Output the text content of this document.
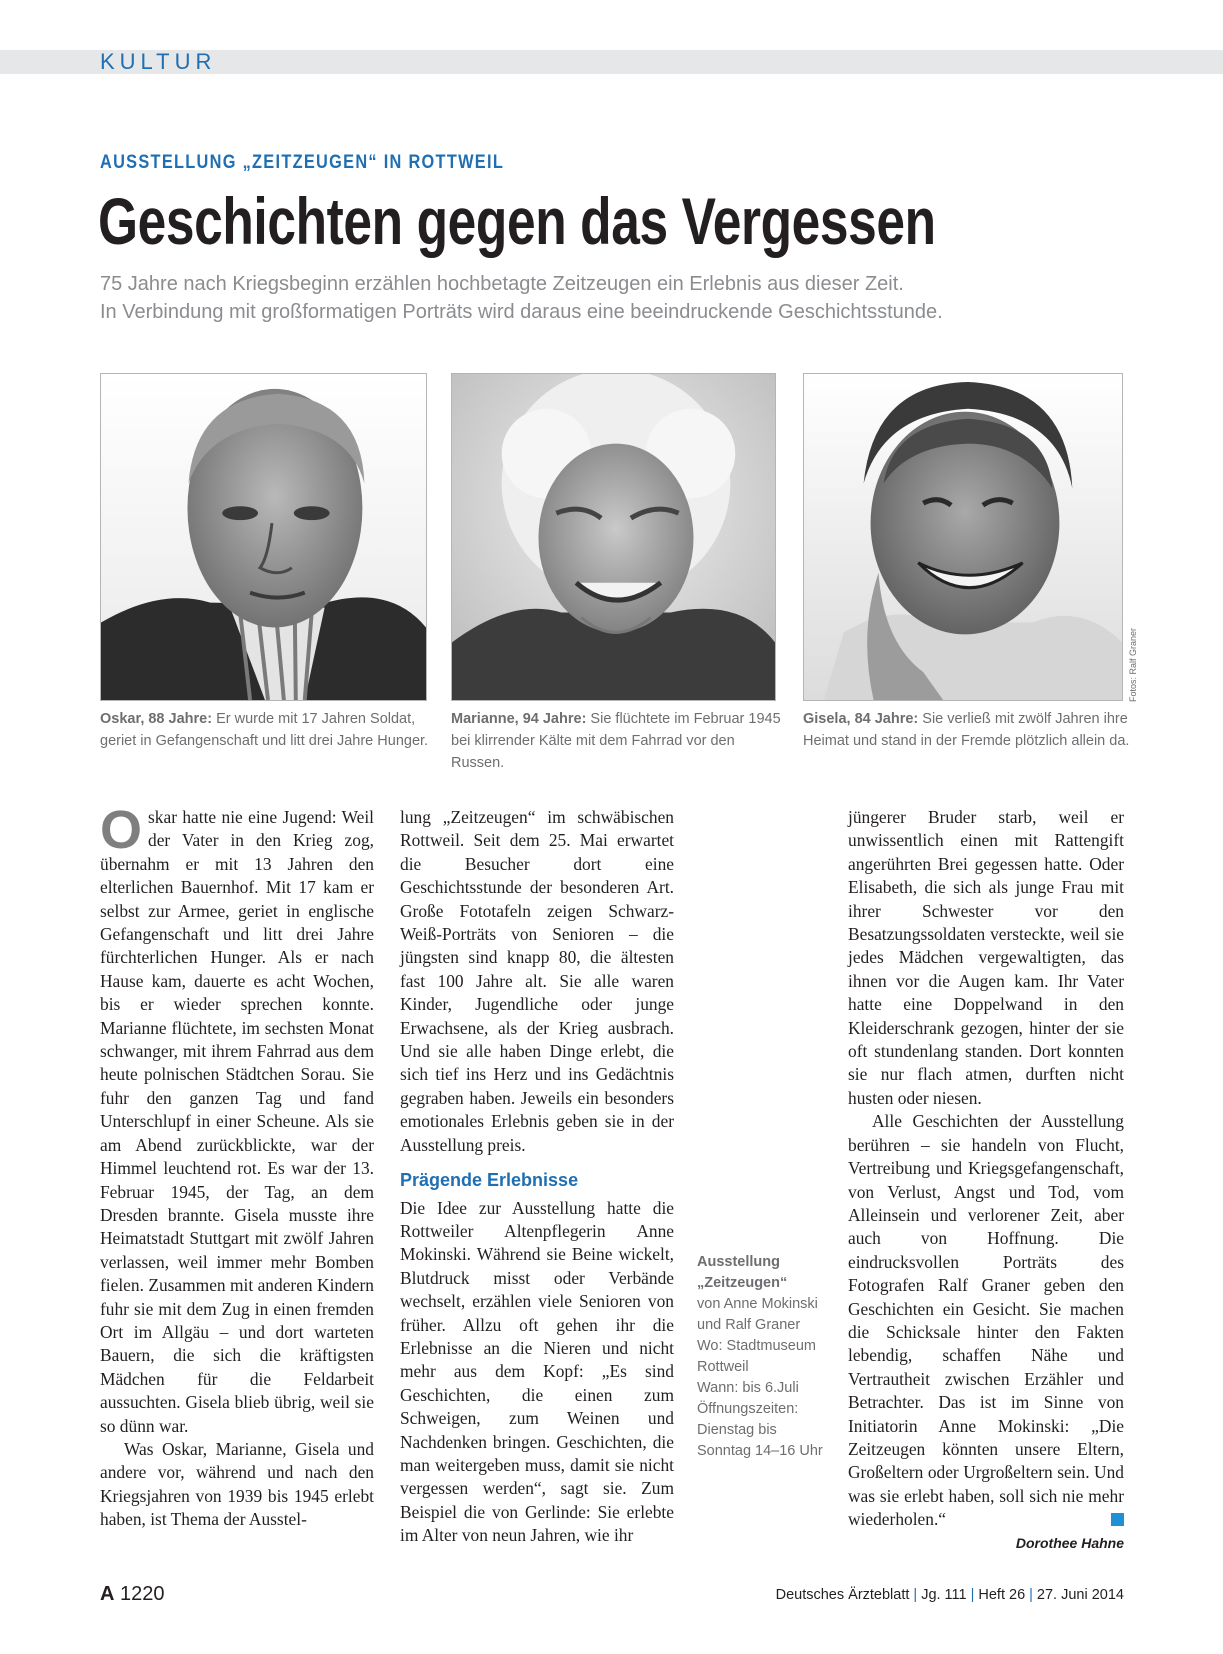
KULTUR
AUSSTELLUNG „ZEITZEUGEN“ IN ROTTWEIL
Geschichten gegen das Vergessen
75 Jahre nach Kriegsbeginn erzählen hochbetagte Zeitzeugen ein Erlebnis aus dieser Zeit.
In Verbindung mit großformatigen Porträts wird daraus eine beeindruckende Geschichtsstunde.
Fotos: Ralf Graner
Oskar, 88 Jahre: Er wurde mit 17 Jahren Soldat, geriet in Gefangenschaft und litt drei Jahre Hunger.
Marianne, 94 Jahre: Sie flüchtete im Februar 1945 bei klirrender Kälte mit dem Fahrrad vor den Russen.
Gisela, 84 Jahre: Sie verließ mit zwölf Jahren ihre Heimat und stand in der Fremde plötzlich allein da.

Oskar hatte nie eine Jugend: Weil der Vater in den Krieg zog, übernahm er mit 13 Jahren den elterlichen Bauernhof. Mit 17 kam er selbst zur Armee, geriet in englische Gefangenschaft und litt drei Jahre fürchterlichen Hunger. Als er nach Hause kam, dauerte es acht Wochen, bis er wieder sprechen konnte. Marianne flüchtete, im sechsten Monat schwanger, mit ihrem Fahrrad aus dem heute polnischen Städtchen Sorau. Sie fuhr den ganzen Tag und fand Unterschlupf in einer Scheune. Als sie am Abend zurückblickte, war der Himmel leuchtend rot. Es war der 13. Februar 1945, der Tag, an dem Dresden brannte. Gisela musste ihre Heimatstadt Stuttgart mit zwölf Jahren verlassen, weil immer mehr Bomben fielen. Zusammen mit anderen Kindern fuhr sie mit dem Zug in einen fremden Ort im Allgäu – und dort warteten Bauern, die sich die kräftigsten Mädchen für die Feldarbeit aussuchten. Gisela blieb übrig, weil sie so dünn war.

Was Oskar, Marianne, Gisela und andere vor, während und nach den Kriegsjahren von 1939 bis 1945 erlebt haben, ist Thema der Ausstel-

lung „Zeitzeugen“ im schwäbischen Rottweil. Seit dem 25. Mai erwartet die Besucher dort eine Geschichtsstunde der besonderen Art. Große Fototafeln zeigen Schwarz-Weiß-Porträts von Senioren – die jüngsten sind knapp 80, die ältesten fast 100 Jahre alt. Sie alle waren Kinder, Jugendliche oder junge Erwachsene, als der Krieg ausbrach. Und sie alle haben Dinge erlebt, die sich tief ins Herz und ins Gedächtnis gegraben haben. Jeweils ein besonders emotionales Erlebnis geben sie in der Ausstellung preis.

Prägende Erlebnisse

Die Idee zur Ausstellung hatte die Rottweiler Altenpflegerin Anne Mokinski. Während sie Beine wickelt, Blutdruck misst oder Verbände wechselt, erzählen viele Senioren von früher. Allzu oft gehen ihr die Erlebnisse an die Nieren und nicht mehr aus dem Kopf: „Es sind Geschichten, die einen zum Schweigen, zum Weinen und Nachdenken bringen. Geschichten, die man weitergeben muss, damit sie nicht vergessen werden“, sagt sie. Zum Beispiel die von Gerlinde: Sie erlebte im Alter von neun Jahren, wie ihr

Ausstellung
„Zeitzeugen“
von Anne Mokinski
und Ralf Graner
Wo: Stadtmuseum
Rottweil
Wann: bis 6.Juli
Öffnungszeiten:
Dienstag bis
Sonntag 14–16 Uhr

jüngerer Bruder starb, weil er unwissentlich einen mit Rattengift angerührten Brei gegessen hatte. Oder Elisabeth, die sich als junge Frau mit ihrer Schwester vor den Besatzungssoldaten versteckte, weil sie jedes Mädchen vergewaltigten, das ihnen vor die Augen kam. Ihr Vater hatte eine Doppelwand in den Kleiderschrank gezogen, hinter der sie oft stundenlang standen. Dort konnten sie nur flach atmen, durften nicht husten oder niesen.

Alle Geschichten der Ausstellung berühren – sie handeln von Flucht, Vertreibung und Kriegsgefangenschaft, von Verlust, Angst und Tod, vom Alleinsein und verlorener Zeit, aber auch von Hoffnung. Die eindrucksvollen Porträts des Fotografen Ralf Graner geben den Geschichten ein Gesicht. Sie machen die Schicksale hinter den Fakten lebendig, schaffen Nähe und Vertrautheit zwischen Erzähler und Betrachter. Das ist im Sinne von Initiatorin Anne Mokinski: „Die Zeitzeugen könnten unsere Eltern, Großeltern oder Urgroßeltern sein. Und was sie erlebt haben, soll sich nie mehr wiederholen.“

Dorothee Hahne
A 1220	Deutsches Ärzteblatt | Jg. 111 | Heft 26 | 27. Juni 2014
